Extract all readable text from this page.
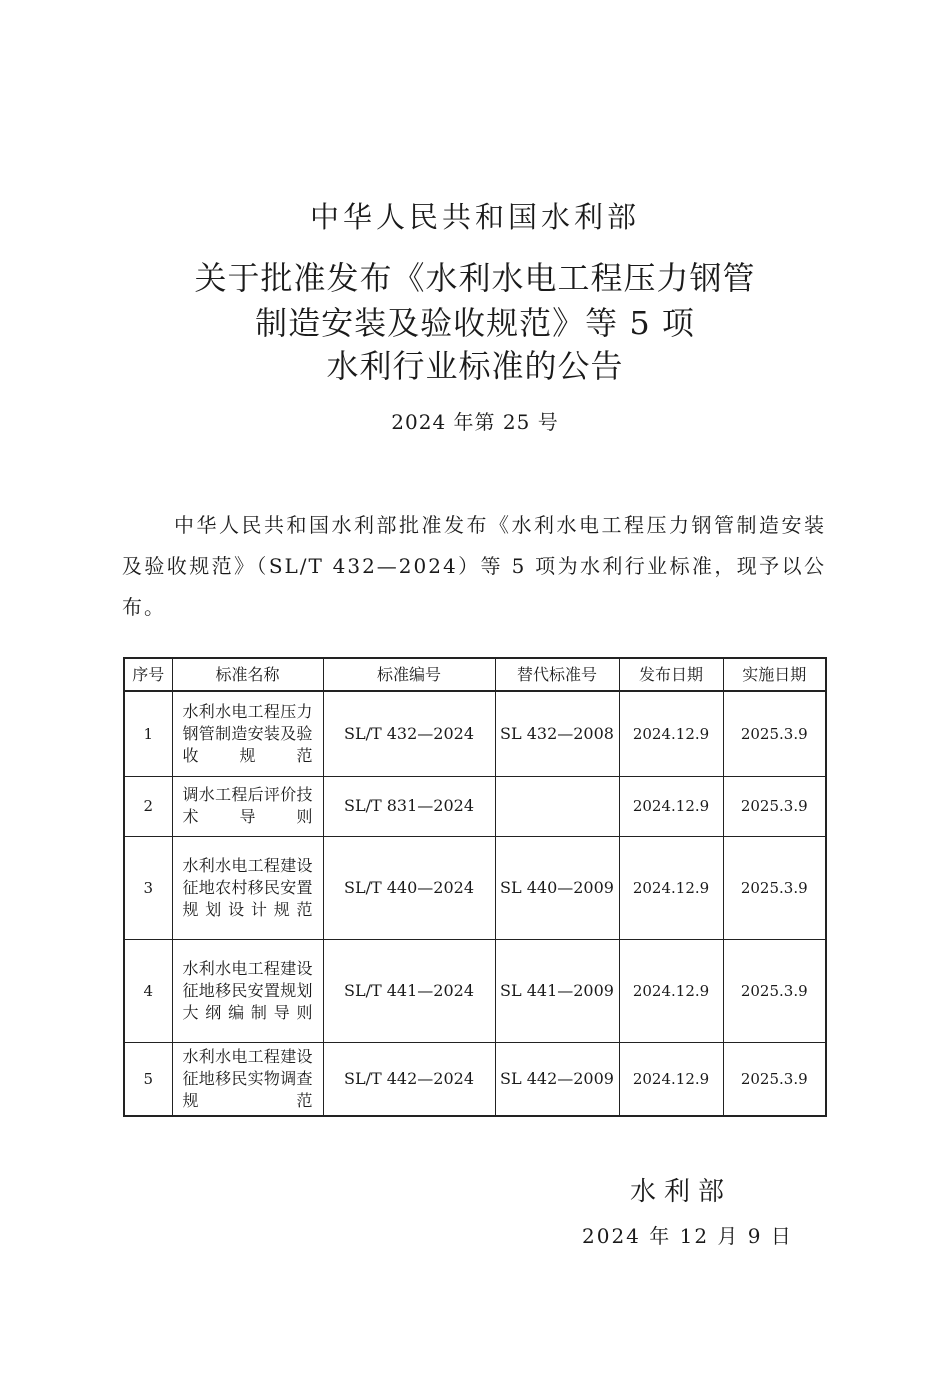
中华人民共和国水利部
关于批准发布《水利水电工程压力钢管
制造安装及验收规范》等 5 项
水利行业标准的公告
2024 年第 25 号
中华人民共和国水利部批准发布《水利水电工程压力钢管制造安装及验收规范》（SL/T 432—2024）等 5 项为水利行业标准，现予以公布。
序号	标准名称	标准编号	替代标准号	发布日期	实施日期
1	水利水电工程压力钢管制造安装及验收规范	SL/T 432—2024	SL 432—2008	2024.12.9	2025.3.9
2	调水工程后评价技术导则	SL/T 831—2024		2024.12.9	2025.3.9
3	水利水电工程建设征地农村移民安置规划设计规范	SL/T 440—2024	SL 440—2009	2024.12.9	2025.3.9
4	水利水电工程建设征地移民安置规划大纲编制导则	SL/T 441—2024	SL 441—2009	2024.12.9	2025.3.9
5	水利水电工程建设征地移民实物调查规范	SL/T 442—2024	SL 442—2009	2024.12.9	2025.3.9
水利部
2024 年 12 月 9 日
